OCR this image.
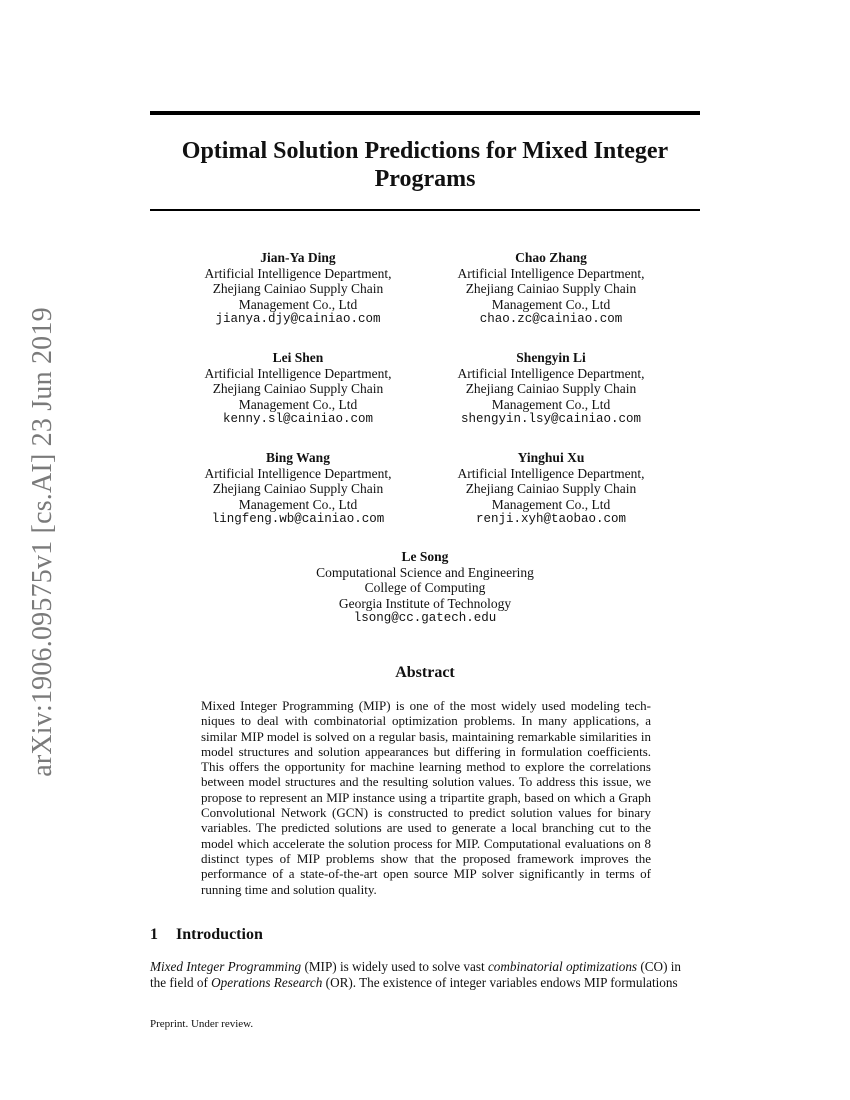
arXiv:1906.09575v1 [cs.AI] 23 Jun 2019
Optimal Solution Predictions for Mixed Integer Programs
Jian-Ya Ding
Artificial Intelligence Department,
Zhejiang Cainiao Supply Chain
Management Co., Ltd
jianya.djy@cainiao.com
Chao Zhang
Artificial Intelligence Department,
Zhejiang Cainiao Supply Chain
Management Co., Ltd
chao.zc@cainiao.com
Lei Shen
Artificial Intelligence Department,
Zhejiang Cainiao Supply Chain
Management Co., Ltd
kenny.sl@cainiao.com
Shengyin Li
Artificial Intelligence Department,
Zhejiang Cainiao Supply Chain
Management Co., Ltd
shengyin.lsy@cainiao.com
Bing Wang
Artificial Intelligence Department,
Zhejiang Cainiao Supply Chain
Management Co., Ltd
lingfeng.wb@cainiao.com
Yinghui Xu
Artificial Intelligence Department,
Zhejiang Cainiao Supply Chain
Management Co., Ltd
renji.xyh@taobao.com
Le Song
Computational Science and Engineering
College of Computing
Georgia Institute of Technology
lsong@cc.gatech.edu
Abstract
Mixed Integer Programming (MIP) is one of the most widely used modeling techniques to deal with combinatorial optimization problems. In many applications, a similar MIP model is solved on a regular basis, maintaining remarkable similarities in model structures and solution appearances but differing in formulation coefficients. This offers the opportunity for machine learning method to explore the correlations between model structures and the resulting solution values. To address this issue, we propose to represent an MIP instance using a tripartite graph, based on which a Graph Convolutional Network (GCN) is constructed to predict solution values for binary variables. The predicted solutions are used to generate a local branching cut to the model which accelerate the solution process for MIP. Computational evaluations on 8 distinct types of MIP problems show that the proposed framework improves the performance of a state-of-the-art open source MIP solver significantly in terms of running time and solution quality.
1 Introduction
Mixed Integer Programming (MIP) is widely used to solve vast combinatorial optimizations (CO) in
the field of Operations Research (OR). The existence of integer variables endows MIP formulations
Preprint. Under review.
